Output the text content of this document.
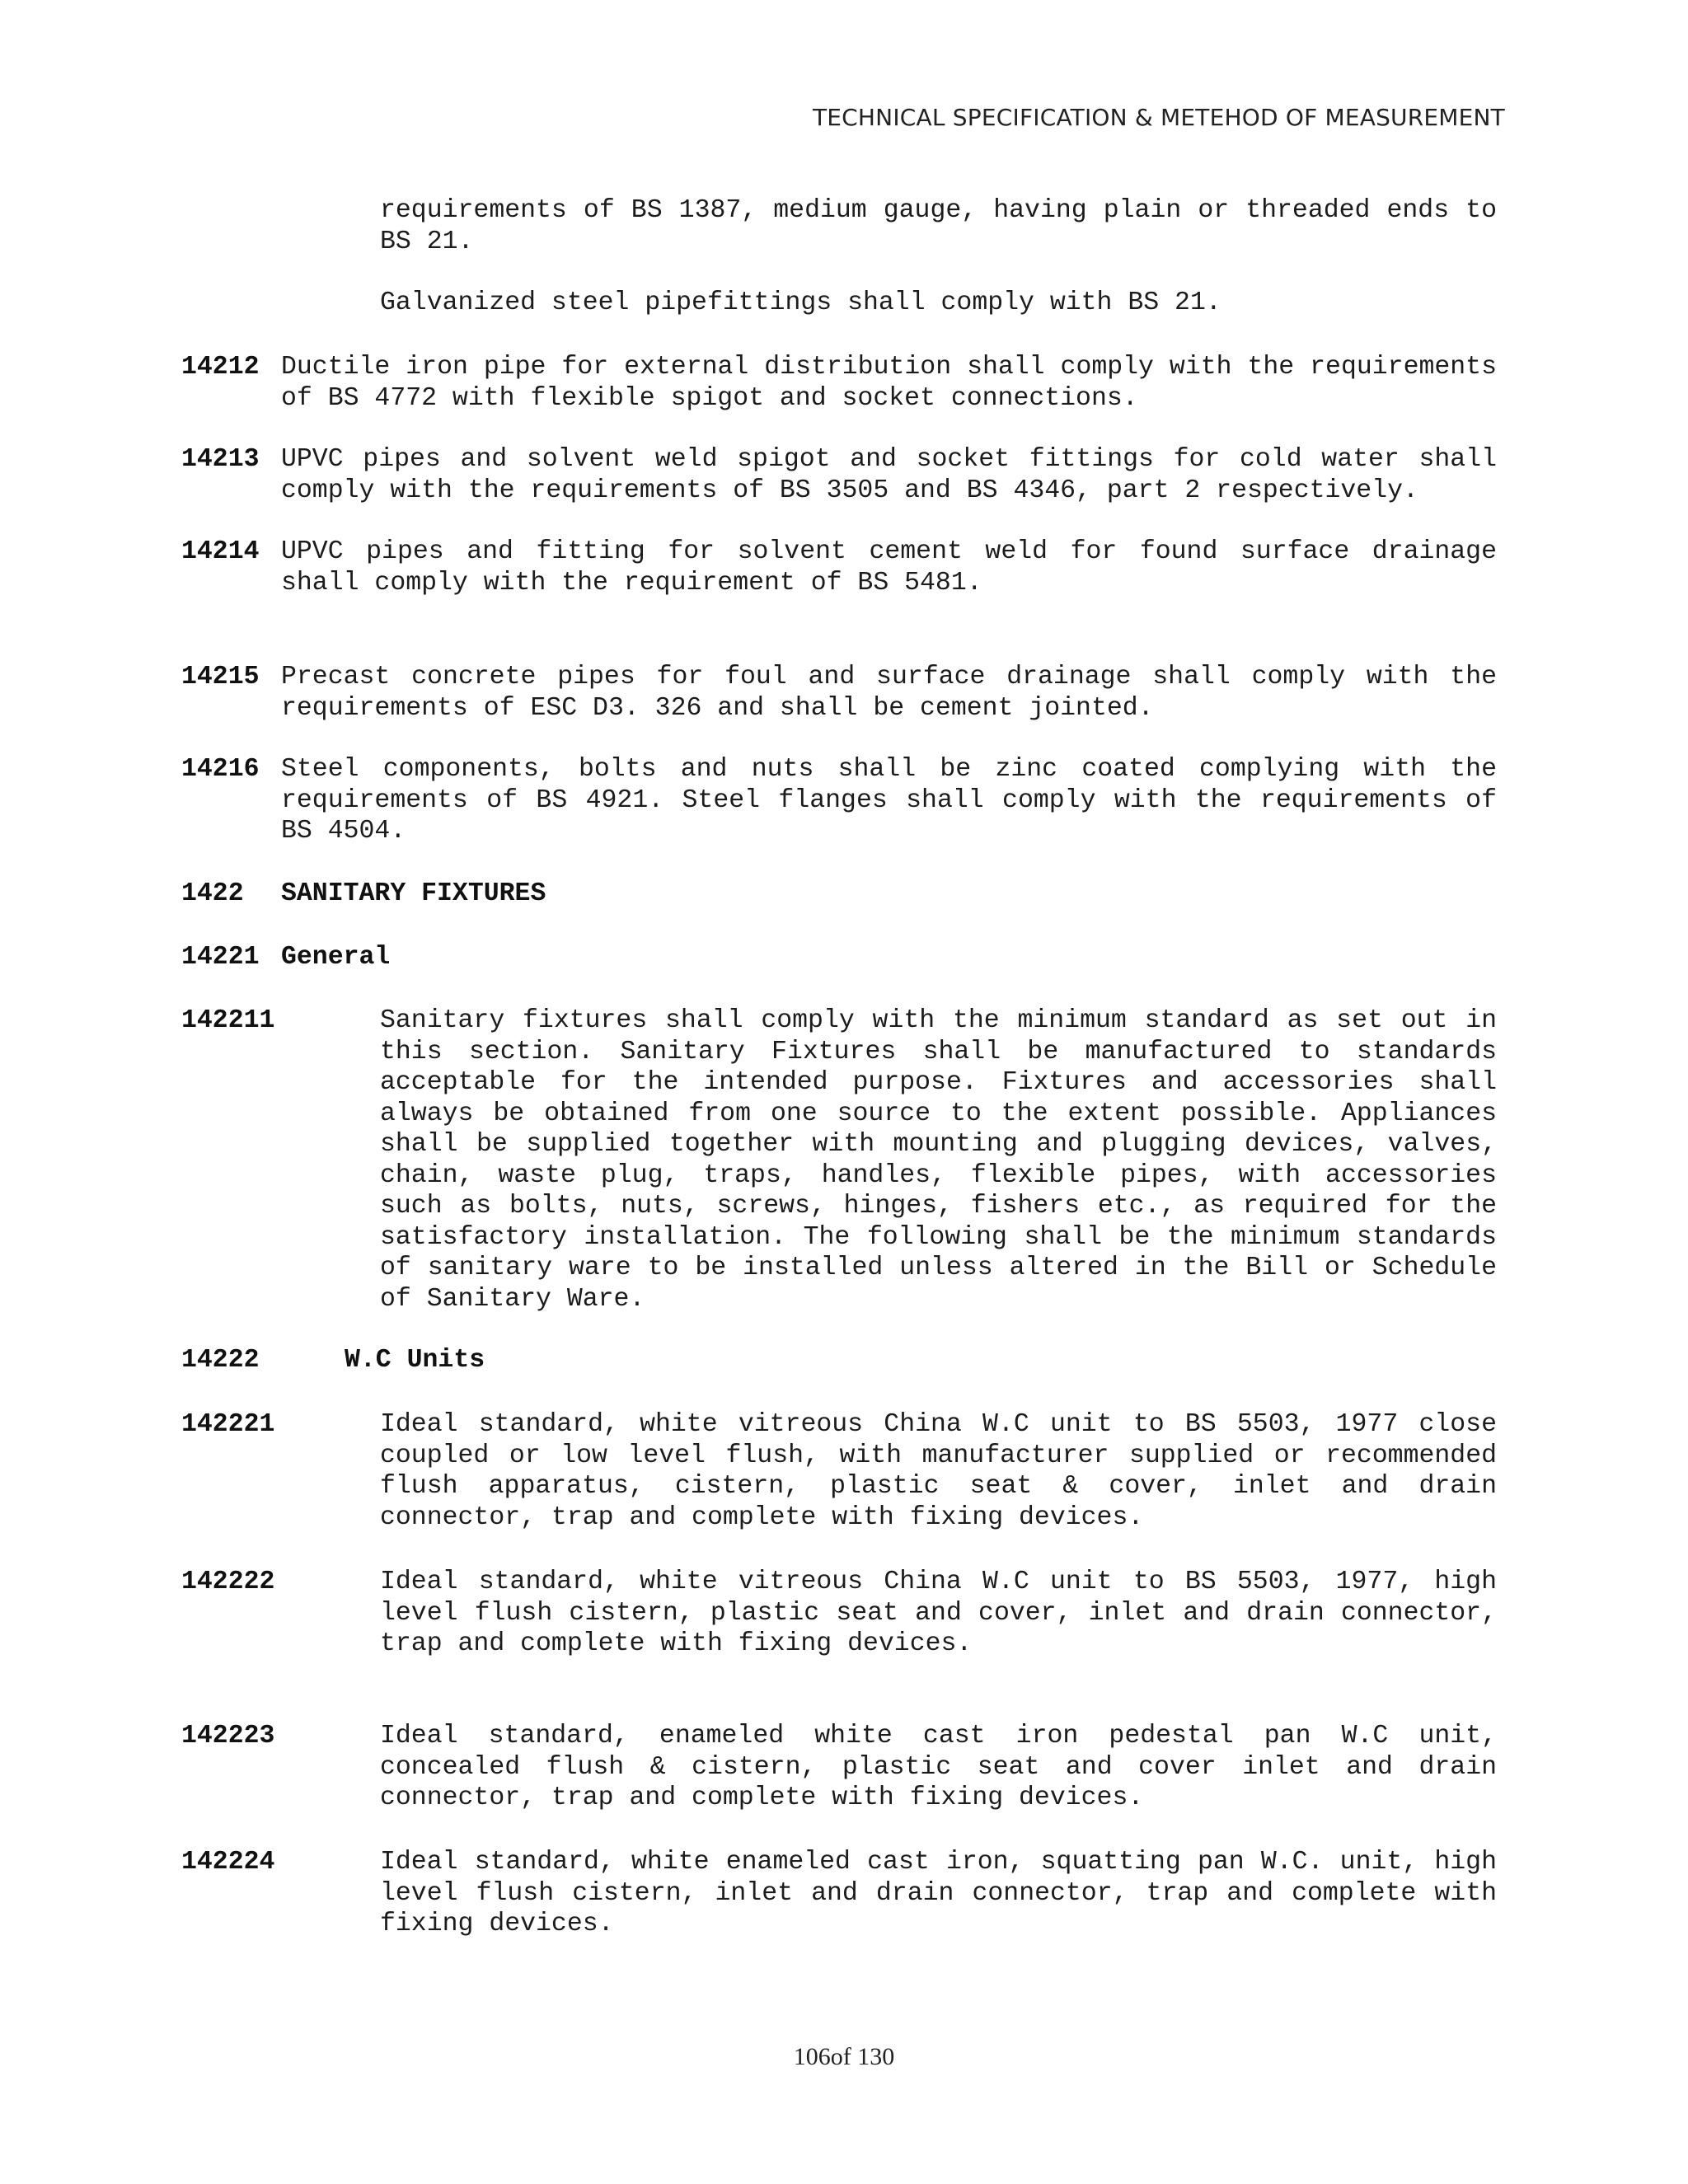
TECHNICAL SPECIFICATION & METEHOD OF MEASUREMENT
requirements of BS 1387, medium gauge, having plain or threaded ends to BS 21.
Galvanized steel pipefittings shall comply with BS 21.
14212 Ductile iron pipe for external distribution shall comply with the requirements of BS 4772 with flexible spigot and socket connections.
14213 UPVC pipes and solvent weld spigot and socket fittings for cold water shall comply with the requirements of BS 3505 and BS 4346, part 2 respectively.
14214 UPVC pipes and fitting for solvent cement weld for found surface drainage shall comply with the requirement of BS 5481.
14215 Precast concrete pipes for foul and surface drainage shall comply with the requirements of ESC D3. 326 and shall be cement jointed.
14216 Steel components, bolts and nuts shall be zinc coated complying with the requirements of BS 4921. Steel flanges shall comply with the requirements of BS 4504.
1422 SANITARY FIXTURES
14221 General
142211	Sanitary fixtures shall comply with the minimum standard as set out in this section. Sanitary Fixtures shall be manufactured to standards acceptable for the intended purpose. Fixtures and accessories shall always be obtained from one source to the extent possible. Appliances shall be supplied together with mounting and plugging devices, valves, chain, waste plug, traps, handles, flexible pipes, with accessories such as bolts, nuts, screws, hinges, fishers etc., as required for the satisfactory installation. The following shall be the minimum standards of sanitary ware to be installed unless altered in the Bill or Schedule of Sanitary Ware.
14222	W.C Units
142221	Ideal standard, white vitreous China W.C unit to BS 5503, 1977 close coupled or low level flush, with manufacturer supplied or recommended flush apparatus, cistern, plastic seat & cover, inlet and drain connector, trap and complete with fixing devices.
142222	Ideal standard, white vitreous China W.C unit to BS 5503, 1977, high level flush cistern, plastic seat and cover, inlet and drain connector, trap and complete with fixing devices.
142223	Ideal standard, enameled white cast iron pedestal pan W.C unit, concealed flush & cistern, plastic seat and cover inlet and drain connector, trap and complete with fixing devices.
142224	Ideal standard, white enameled cast iron, squatting pan W.C. unit, high level flush cistern, inlet and drain connector, trap and complete with fixing devices.
106of 130
